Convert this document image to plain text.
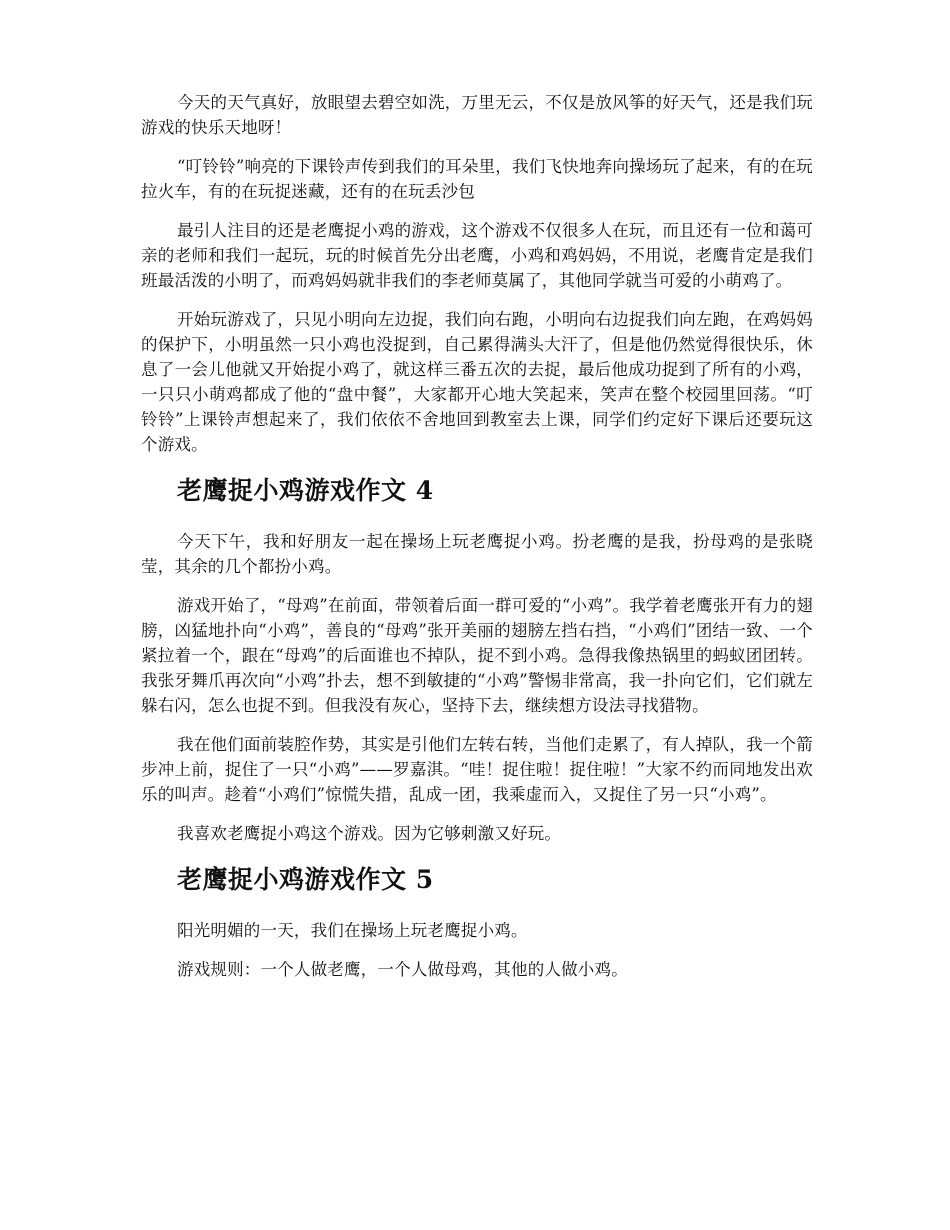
今天的天气真好，放眼望去碧空如洗，万里无云，不仅是放风筝的好天气，还是我们玩游戏的快乐天地呀！

“叮铃铃”响亮的下课铃声传到我们的耳朵里，我们飞快地奔向操场玩了起来，有的在玩拉火车，有的在玩捉迷藏，还有的在玩丢沙包

最引人注目的还是老鹰捉小鸡的游戏，这个游戏不仅很多人在玩，而且还有一位和蔼可亲的老师和我们一起玩，玩的时候首先分出老鹰，小鸡和鸡妈妈，不用说，老鹰肯定是我们班最活泼的小明了，而鸡妈妈就非我们的李老师莫属了，其他同学就当可爱的小萌鸡了。

开始玩游戏了，只见小明向左边捉，我们向右跑，小明向右边捉我们向左跑，在鸡妈妈的保护下，小明虽然一只小鸡也没捉到，自己累得满头大汗了，但是他仍然觉得很快乐，休息了一会儿他就又开始捉小鸡了，就这样三番五次的去捉，最后他成功捉到了所有的小鸡，一只只小萌鸡都成了他的“盘中餐”，大家都开心地大笑起来，笑声在整个校园里回荡。“叮铃铃”上课铃声想起来了，我们依依不舍地回到教室去上课，同学们约定好下课后还要玩这个游戏。

老鹰捉小鸡游戏作文 4

今天下午，我和好朋友一起在操场上玩老鹰捉小鸡。扮老鹰的是我，扮母鸡的是张晓莹，其余的几个都扮小鸡。

游戏开始了，“母鸡”在前面，带领着后面一群可爱的“小鸡”。我学着老鹰张开有力的翅膀，凶猛地扑向“小鸡”，善良的“母鸡”张开美丽的翅膀左挡右挡，“小鸡们”团结一致、一个紧拉着一个，跟在“母鸡”的后面谁也不掉队，捉不到小鸡。急得我像热锅里的蚂蚁团团转。我张牙舞爪再次向“小鸡”扑去，想不到敏捷的“小鸡”警惕非常高，我一扑向它们，它们就左躲右闪，怎么也捉不到。但我没有灰心，坚持下去，继续想方设法寻找猎物。

我在他们面前装腔作势，其实是引他们左转右转，当他们走累了，有人掉队，我一个箭步冲上前，捉住了一只“小鸡”——罗嘉淇。“哇！捉住啦！捉住啦！”大家不约而同地发出欢乐的叫声。趁着“小鸡们”惊慌失措，乱成一团，我乘虚而入，又捉住了另一只“小鸡”。

我喜欢老鹰捉小鸡这个游戏。因为它够刺激又好玩。

老鹰捉小鸡游戏作文 5

阳光明媚的一天，我们在操场上玩老鹰捉小鸡。

游戏规则：一个人做老鹰，一个人做母鸡，其他的人做小鸡。
